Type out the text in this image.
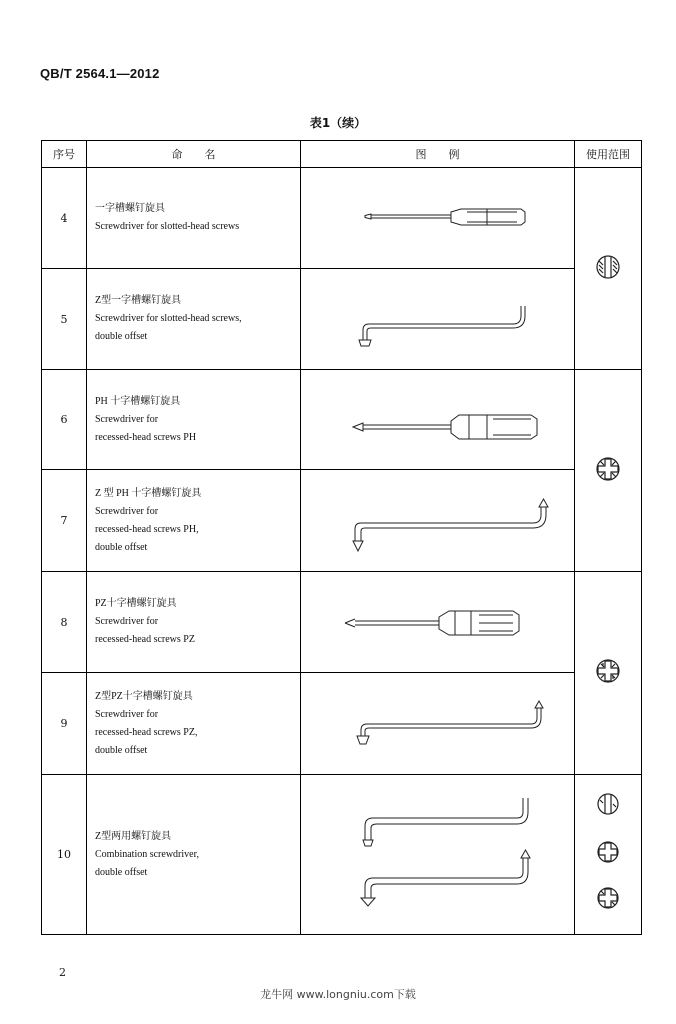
QB/T 2564.1—2012
表1（续）
序号	命　　名	图　　例	使用范围
4	一字槽螺钉旋具
Screwdriver for slotted-head screws

5	Z型一字槽螺钉旋具
Screwdriver for slotted-head screws,
double offset

6	PH 十字槽螺钉旋具
Screwdriver for
recessed-head screws PH

7	Z 型 PH 十字槽螺钉旋具
Screwdriver for
recessed-head screws PH,
double offset

8	PZ十字槽螺钉旋具
Screwdriver for
recessed-head screws PZ

9	Z型PZ十字槽螺钉旋具
Screwdriver for
recessed-head screws PZ,
double offset

10	Z型两用螺钉旋具
Combination screwdriver,
double offset

2
龙牛网 www.longniu.com下载
